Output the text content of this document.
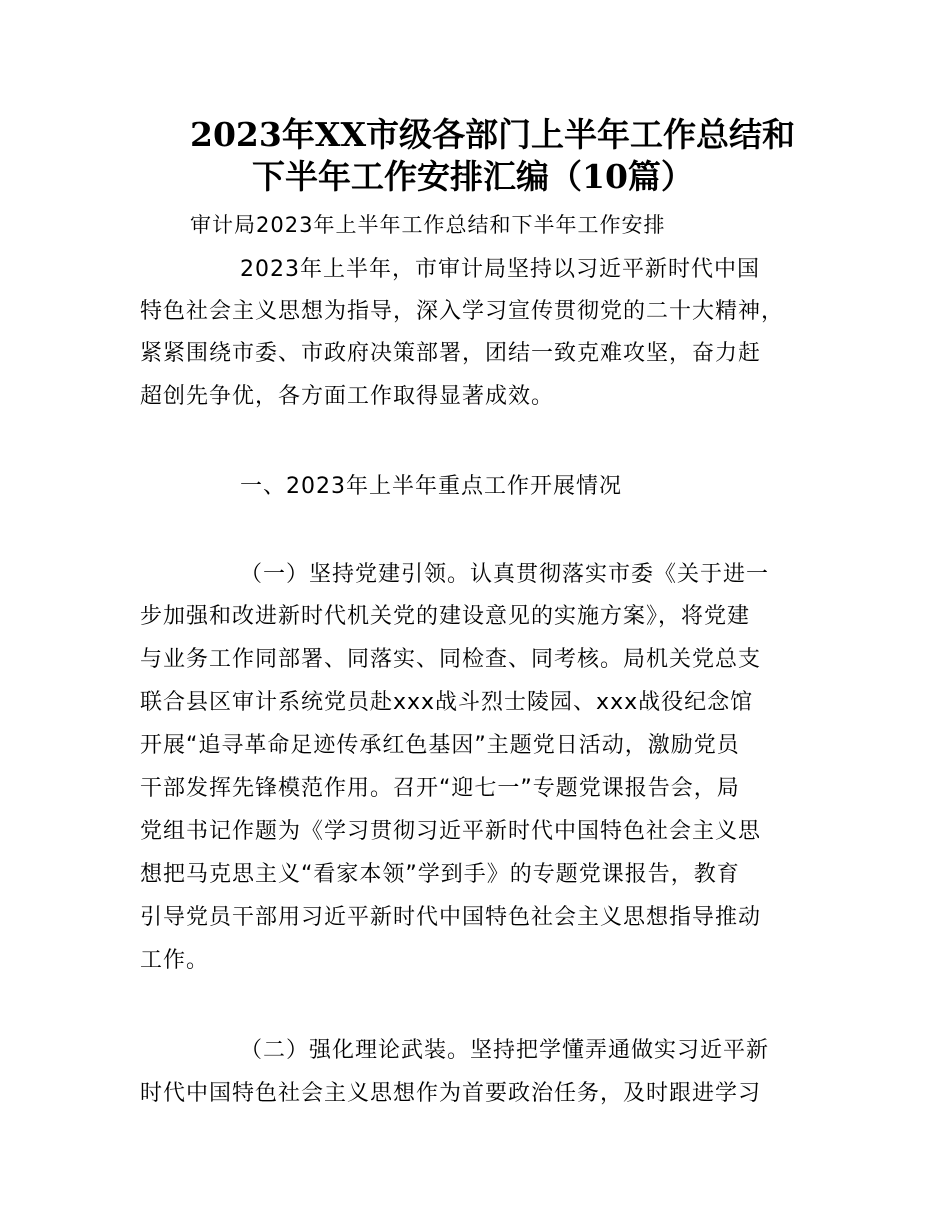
2023年XX市级各部门上半年工作总结和
下半年工作安排汇编（10篇）
审计局2023年上半年工作总结和下半年工作安排
2023年上半年，市审计局坚持以习近平新时代中国
特色社会主义思想为指导，深入学习宣传贯彻党的二十大精神，
紧紧围绕市委、市政府决策部署，团结一致克难攻坚，奋力赶
超创先争优，各方面工作取得显著成效。
一、2023年上半年重点工作开展情况
（一）坚持党建引领。认真贯彻落实市委《关于进一
步加强和改进新时代机关党的建设意见的实施方案》，将党建
与业务工作同部署、同落实、同检查、同考核。局机关党总支
联合县区审计系统党员赴xxx战斗烈士陵园、xxx战役纪念馆
开展“追寻革命足迹传承红色基因”主题党日活动，激励党员
干部发挥先锋模范作用。召开“迎七一”专题党课报告会，局
党组书记作题为《学习贯彻习近平新时代中国特色社会主义思
想把马克思主义“看家本领”学到手》的专题党课报告，教育
引导党员干部用习近平新时代中国特色社会主义思想指导推动
工作。
（二）强化理论武装。坚持把学懂弄通做实习近平新
时代中国特色社会主义思想作为首要政治任务，及时跟进学习
